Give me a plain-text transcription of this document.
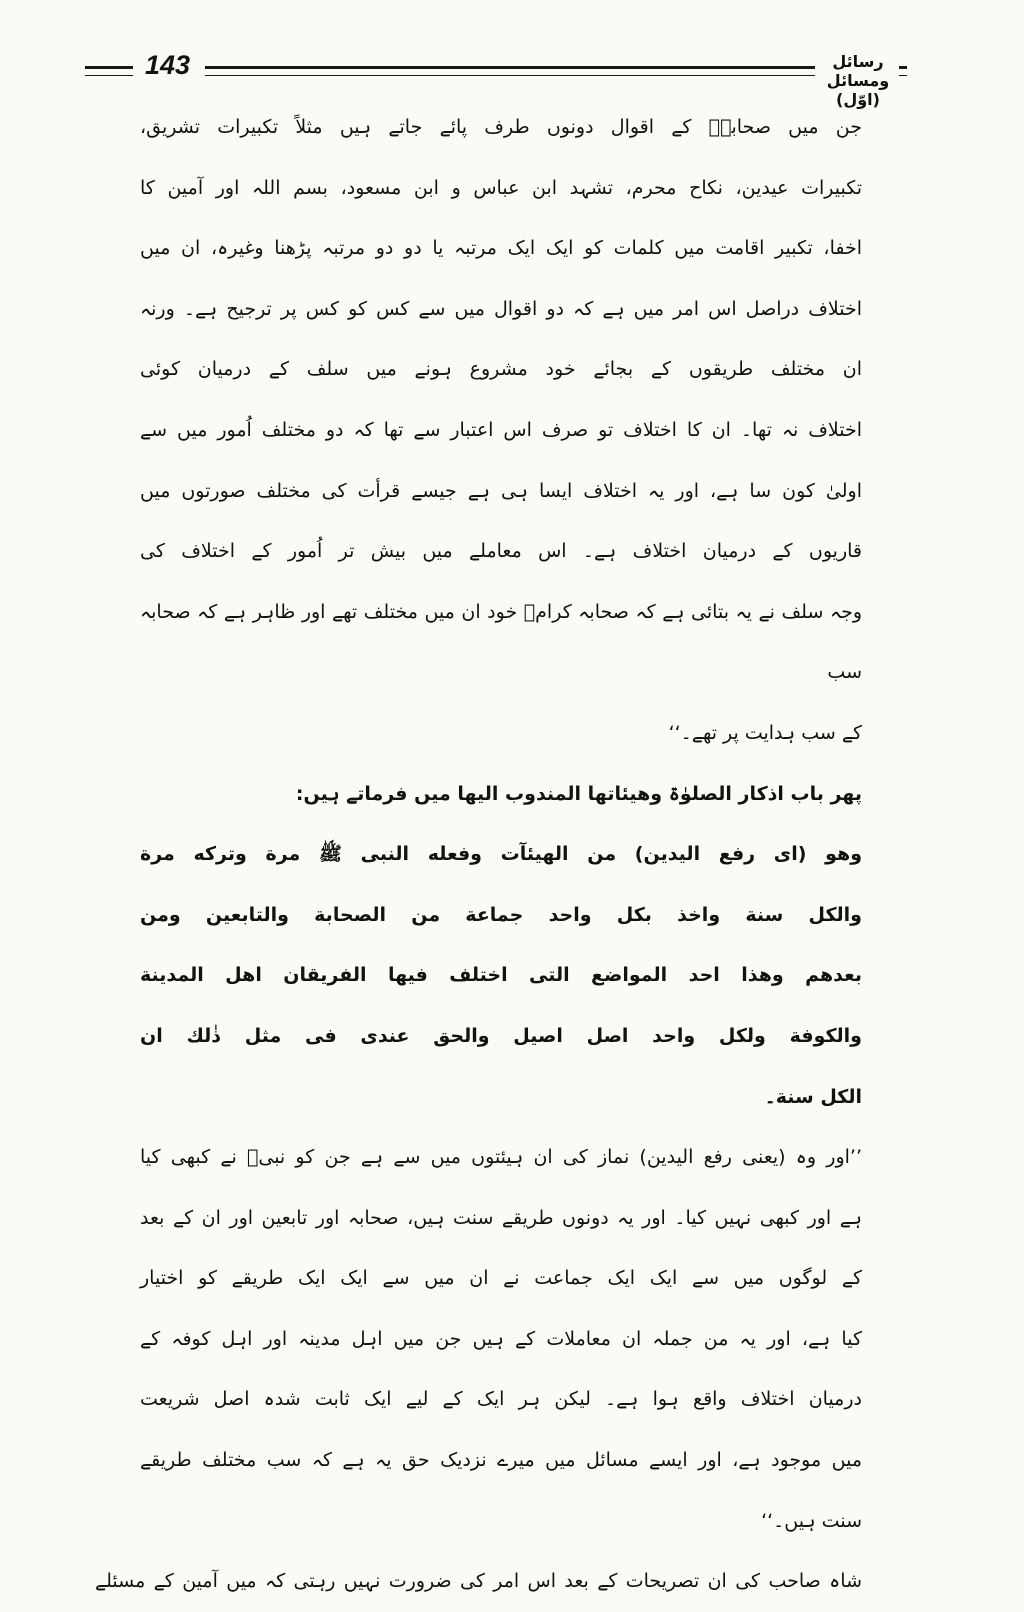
143	رسائل ومسائل (اوّل)
جن میں صحابہؓ کے اقوال دونوں طرف پائے جاتے ہیں مثلاً تکبیرات تشریق،
تکبیرات عیدین، نکاح محرم، تشہد ابن عباس و ابن مسعود، بسم اللہ اور آمین کا
اخفا، تکبیر اقامت میں کلمات کو ایک ایک مرتبہ یا دو دو مرتبہ پڑھنا وغیرہ، ان میں
اختلاف دراصل اس امر میں ہے کہ دو اقوال میں سے کس کو کس پر ترجیح ہے۔ ورنہ
ان مختلف طریقوں کے بجائے خود مشروع ہونے میں سلف کے درمیان کوئی
اختلاف نہ تھا۔ ان کا اختلاف تو صرف اس اعتبار سے تھا کہ دو مختلف اُمور میں سے
اولیٰ کون سا ہے، اور یہ اختلاف ایسا ہی ہے جیسے قرأت کی مختلف صورتوں میں
قاریوں کے درمیان اختلاف ہے۔ اس معاملے میں بیش تر اُمور کے اختلاف کی
وجہ سلف نے یہ بتائی ہے کہ صحابہ کرامؓ خود ان میں مختلف تھے اور ظاہر ہے کہ صحابہ سب
کے سب ہدایت پر تھے۔‘‘
پھر باب اذکار الصلوٰۃ وھیئاتھا المندوب الیھا میں فرماتے ہیں:
وهو (اى رفع اليدين) من الهيئآت وفعله النبى ﷺ مرة وتركه مرة
والكل سنة واخذ بكل واحد جماعة من الصحابة والتابعين ومن
بعدهم وهذا احد المواضع التى اختلف فيها الفريقان اهل المدينة
والكوفة ولكل واحد اصل اصيل والحق عندى فى مثل ذٰلك ان
الكل سنة۔
’’اور وہ (یعنی رفع الیدین) نماز کی ان ہیئتوں میں سے ہے جن کو نبیؐ نے کبھی کیا
ہے اور کبھی نہیں کیا۔ اور یہ دونوں طریقے سنت ہیں، صحابہ اور تابعین اور ان کے بعد
کے لوگوں میں سے ایک ایک جماعت نے ان میں سے ایک ایک طریقے کو اختیار
کیا ہے، اور یہ من جملہ ان معاملات کے ہیں جن میں اہل مدینہ اور اہل کوفہ کے
درمیان اختلاف واقع ہوا ہے۔ لیکن ہر ایک کے لیے ایک ثابت شدہ اصل شریعت
میں موجود ہے، اور ایسے مسائل میں میرے نزدیک حق یہ ہے کہ سب مختلف طریقے
سنت ہیں۔‘‘
شاہ صاحب کی ان تصریحات کے بعد اس امر کی ضرورت نہیں رہتی کہ میں آمین کے مسئلے
